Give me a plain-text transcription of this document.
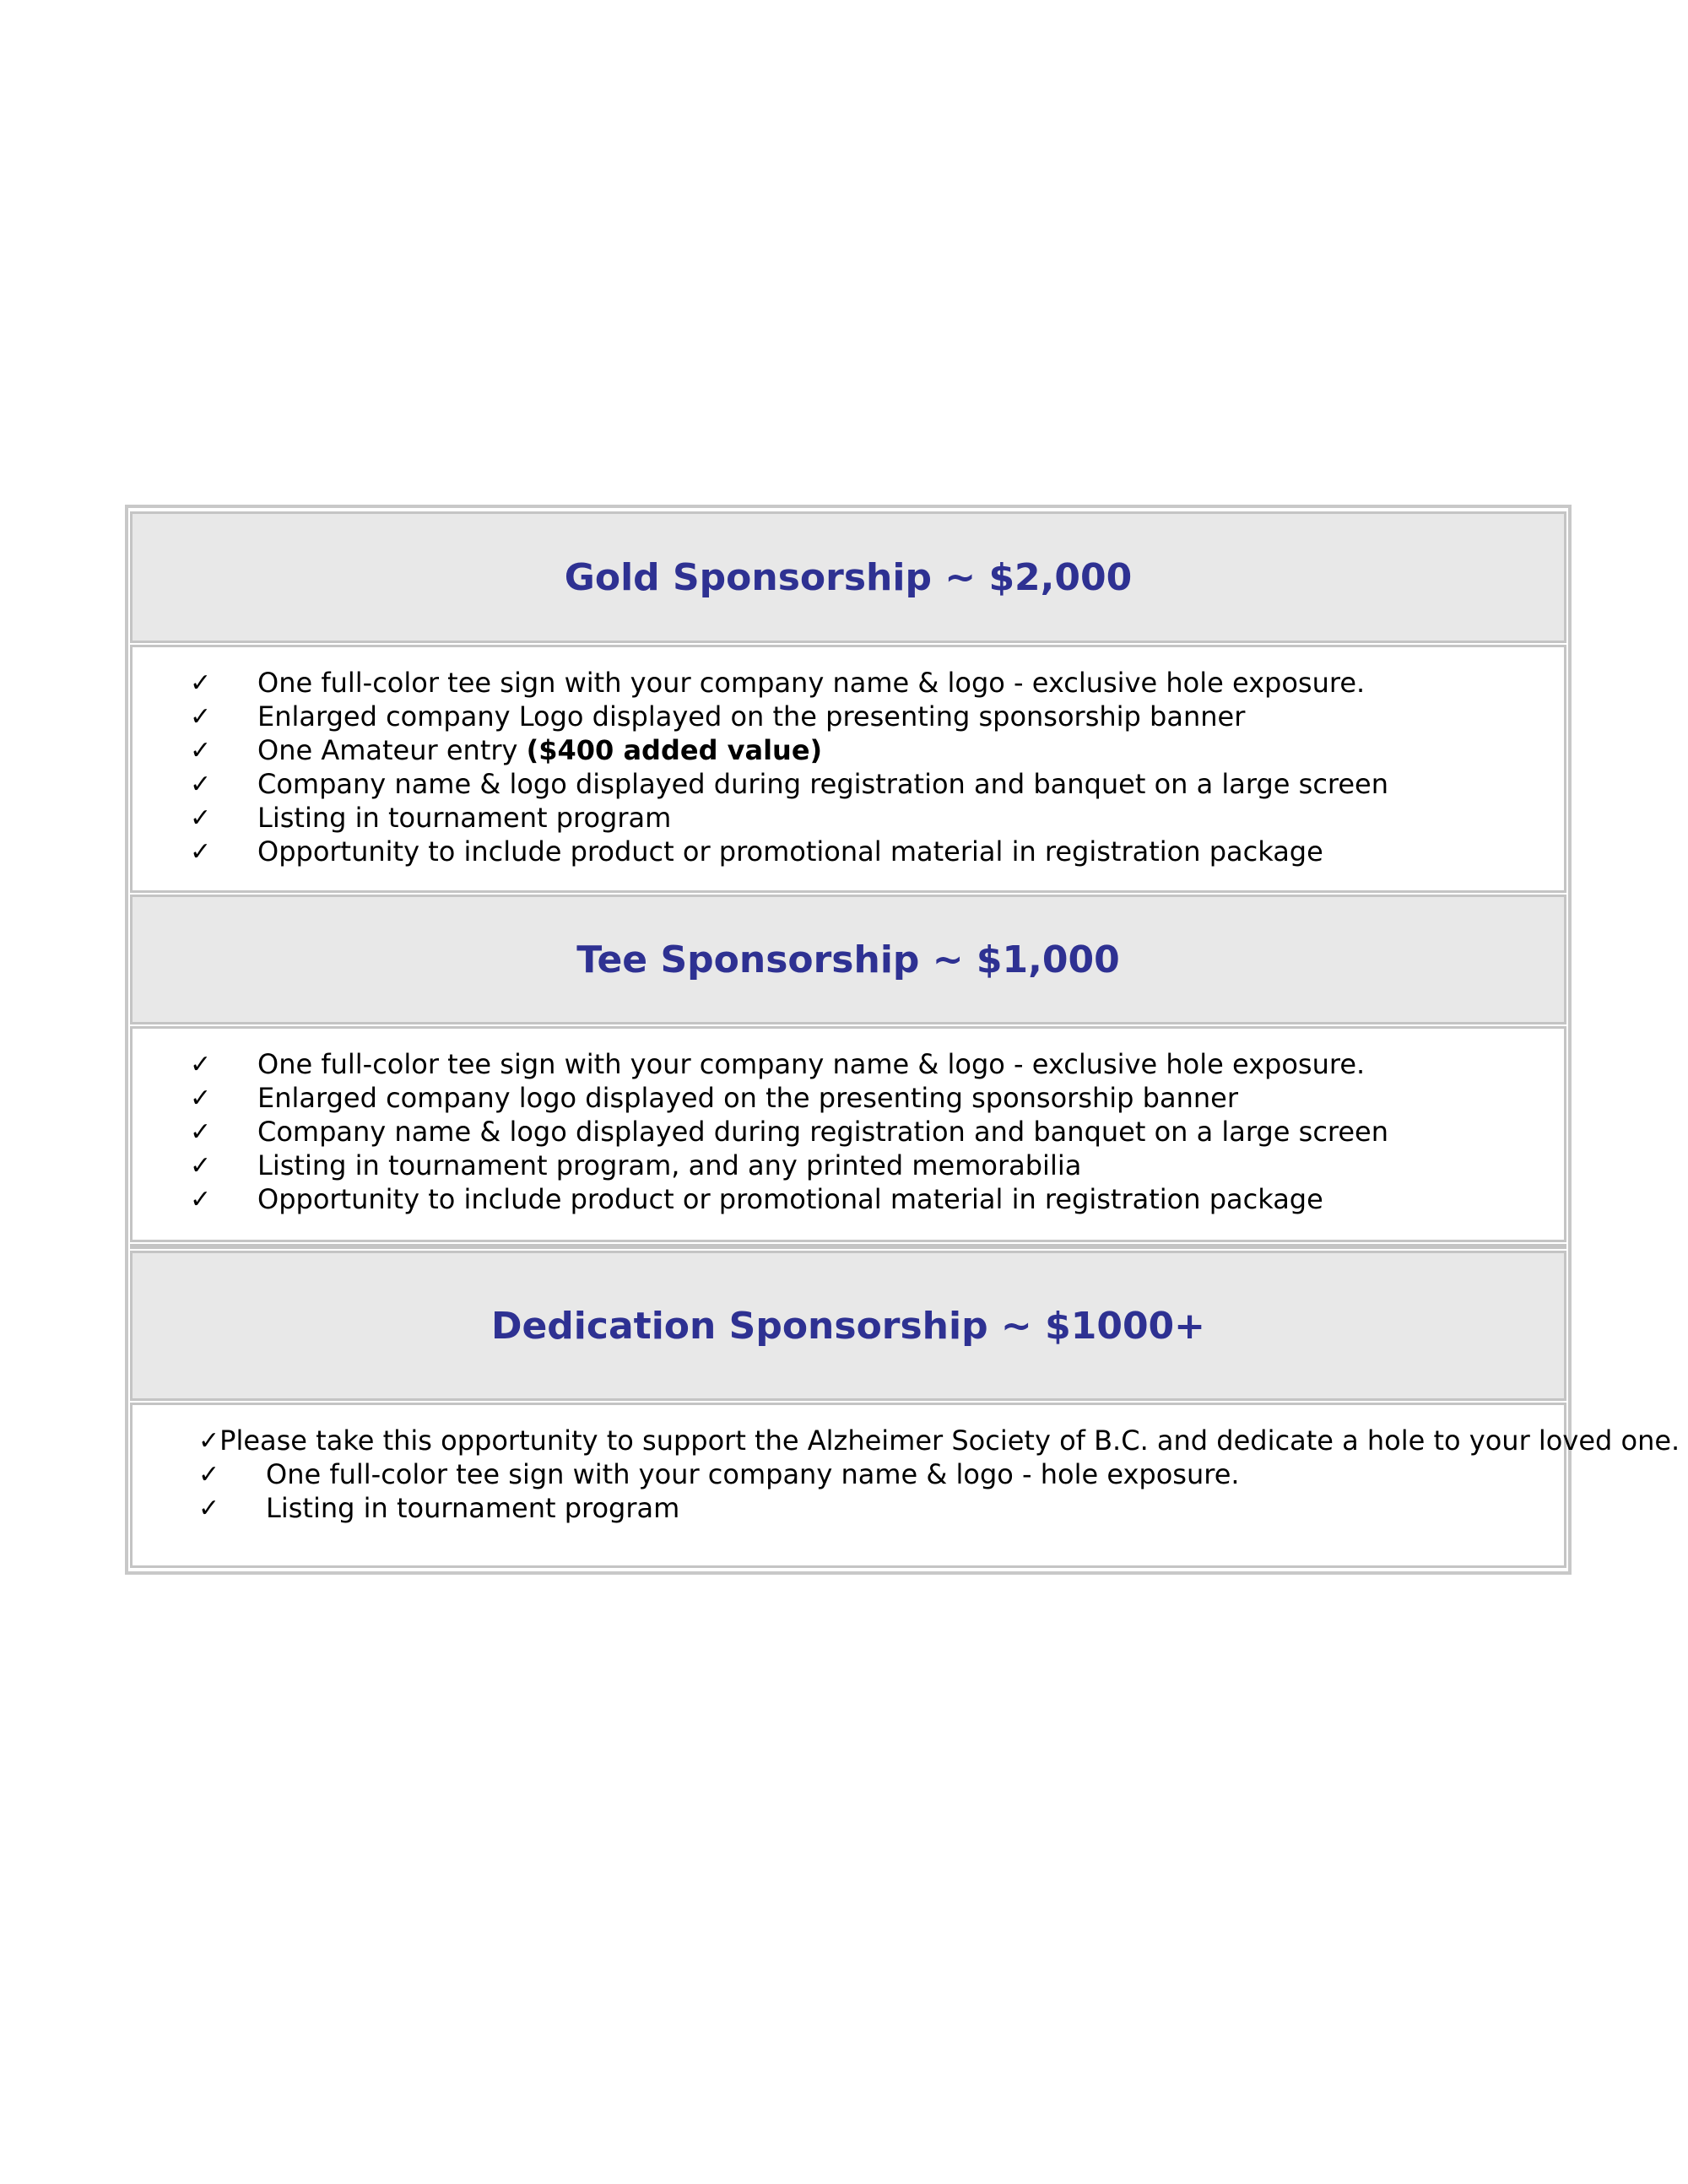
Gold Sponsorship ~ $2,000
✓	One full-color tee sign with your company name & logo - exclusive hole exposure.
✓	Enlarged company Logo displayed on the presenting sponsorship banner
✓	One Amateur entry ($400 added value)
✓	Company name & logo displayed during registration and banquet on a large screen
✓	Listing in tournament program
✓	Opportunity to include product or promotional material in registration package
Tee Sponsorship ~ $1,000
✓	One full-color tee sign with your company name & logo - exclusive hole exposure.
✓	Enlarged company logo displayed on the presenting sponsorship banner
✓	Company name & logo displayed during registration and banquet on a large screen
✓	Listing in tournament program, and any printed memorabilia
✓	Opportunity to include product or promotional material in registration package
Dedication Sponsorship ~ $1000+
✓ Please take this opportunity to support the Alzheimer Society of B.C. and dedicate a hole to your loved one.
✓	One full-color tee sign with your company name & logo - hole exposure.
✓	Listing in tournament program
